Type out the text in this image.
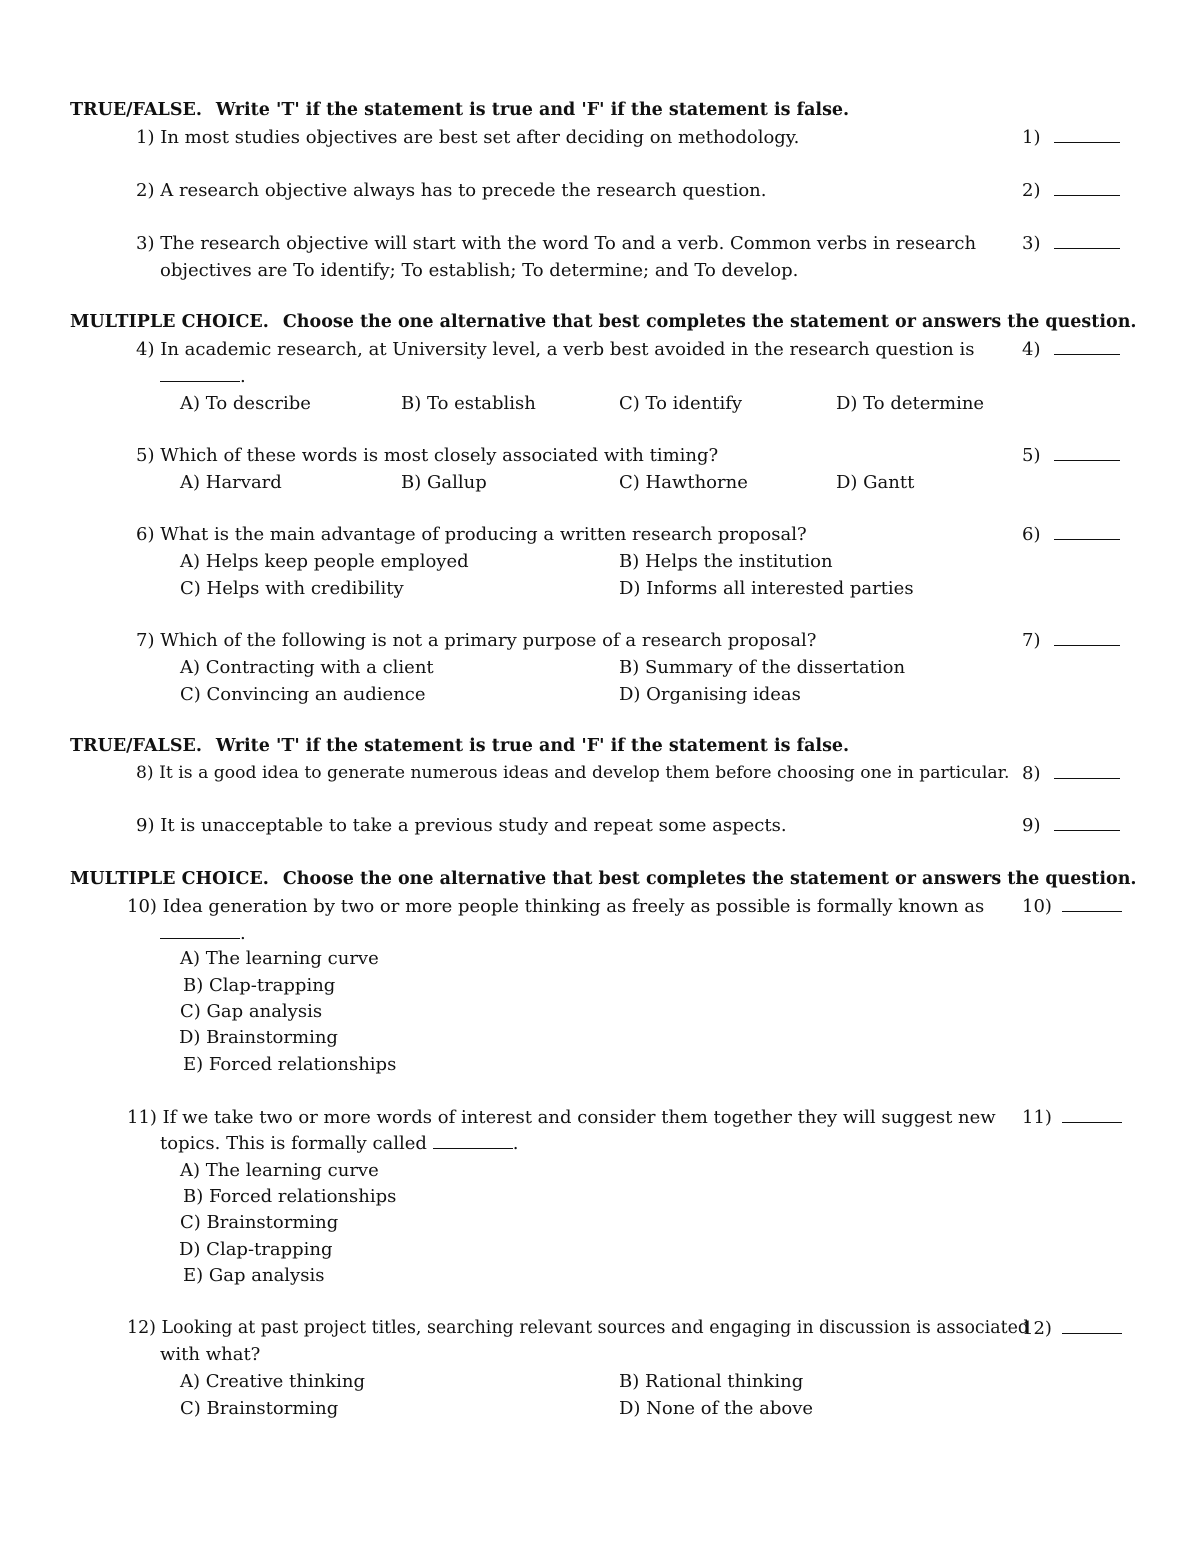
TRUE/FALSE. Write 'T' if the statement is true and 'F' if the statement is false.
1) In most studies objectives are best set after deciding on methodology.	1)
2) A research objective always has to precede the research question.	2)
3) The research objective will start with the word To and a verb. Common verbs in research
objectives are To identify; To establish; To determine; and To develop.
3)
MULTIPLE CHOICE. Choose the one alternative that best completes the statement or answers the question.
4) In academic research, at University level, a verb best avoided in the research question is
.
4)
A) To describe	B) To establish	C) To identify	D) To determine
5) Which of these words is most closely associated with timing?	5)
A) Harvard	B) Gallup	C) Hawthorne	D) Gantt
6) What is the main advantage of producing a written research proposal?	6)
A) Helps keep people employed	B) Helps the institution
C) Helps with credibility	D) Informs all interested parties
7) Which of the following is not a primary purpose of a research proposal?	7)
A) Contracting with a client	B) Summary of the dissertation
C) Convincing an audience	D) Organising ideas
TRUE/FALSE. Write 'T' if the statement is true and 'F' if the statement is false.
8) It is a good idea to generate numerous ideas and develop them before choosing one in particular. 8)
9) It is unacceptable to take a previous study and repeat some aspects.	9)
MULTIPLE CHOICE. Choose the one alternative that best completes the statement or answers the question.
10) Idea generation by two or more people thinking as freely as possible is formally known as
.
10)
A) The learning curve
B) Clap-trapping
C) Gap analysis
D) Brainstorming
E) Forced relationships
11) If we take two or more words of interest and consider them together they will suggest new
topics. This is formally called	.
11)
A) The learning curve
B) Forced relationships
C) Brainstorming
D) Clap-trapping
E) Gap analysis
12) Looking at past project titles, searching relevant sources and engaging in discussion is associated
with what?
12)
A) Creative thinking	B) Rational thinking
C) Brainstorming	D) None of the above
